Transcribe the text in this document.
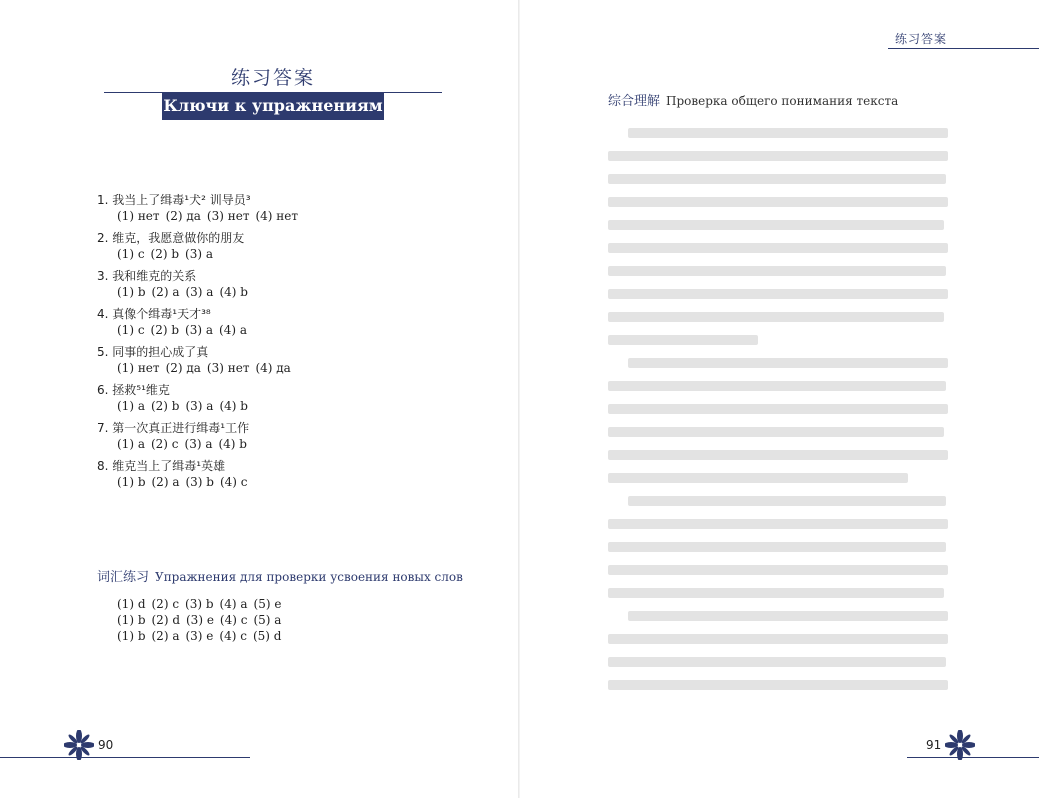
练习答案
Ключи к упражнениям
1. 我当上了缉毒¹犬² 训导员³
(1) нет (2) да (3) нет (4) нет
2. 维克，我愿意做你的朋友
(1) c (2) b (3) a
3. 我和维克的关系
(1) b (2) a (3) a (4) b
4. 真像个缉毒¹天才³⁸
(1) c (2) b (3) a (4) a
5. 同事的担心成了真
(1) нет (2) да (3) нет (4) да
6. 拯救⁵¹维克
(1) a (2) b (3) a (4) b
7. 第一次真正进行缉毒¹工作
(1) a (2) c (3) a (4) b
8. 维克当上了缉毒¹英雄
(1) b (2) a (3) b (4) c
词汇练习 Упражнения для проверки усвоения новых слов
(1) d (2) c (3) b (4) a (5) e
(1) b (2) d (3) e (4) c (5) a
(1) b (2) a (3) e (4) c (5) d
90
练习答案
综合理解 Проверка общего понимания текста
91
